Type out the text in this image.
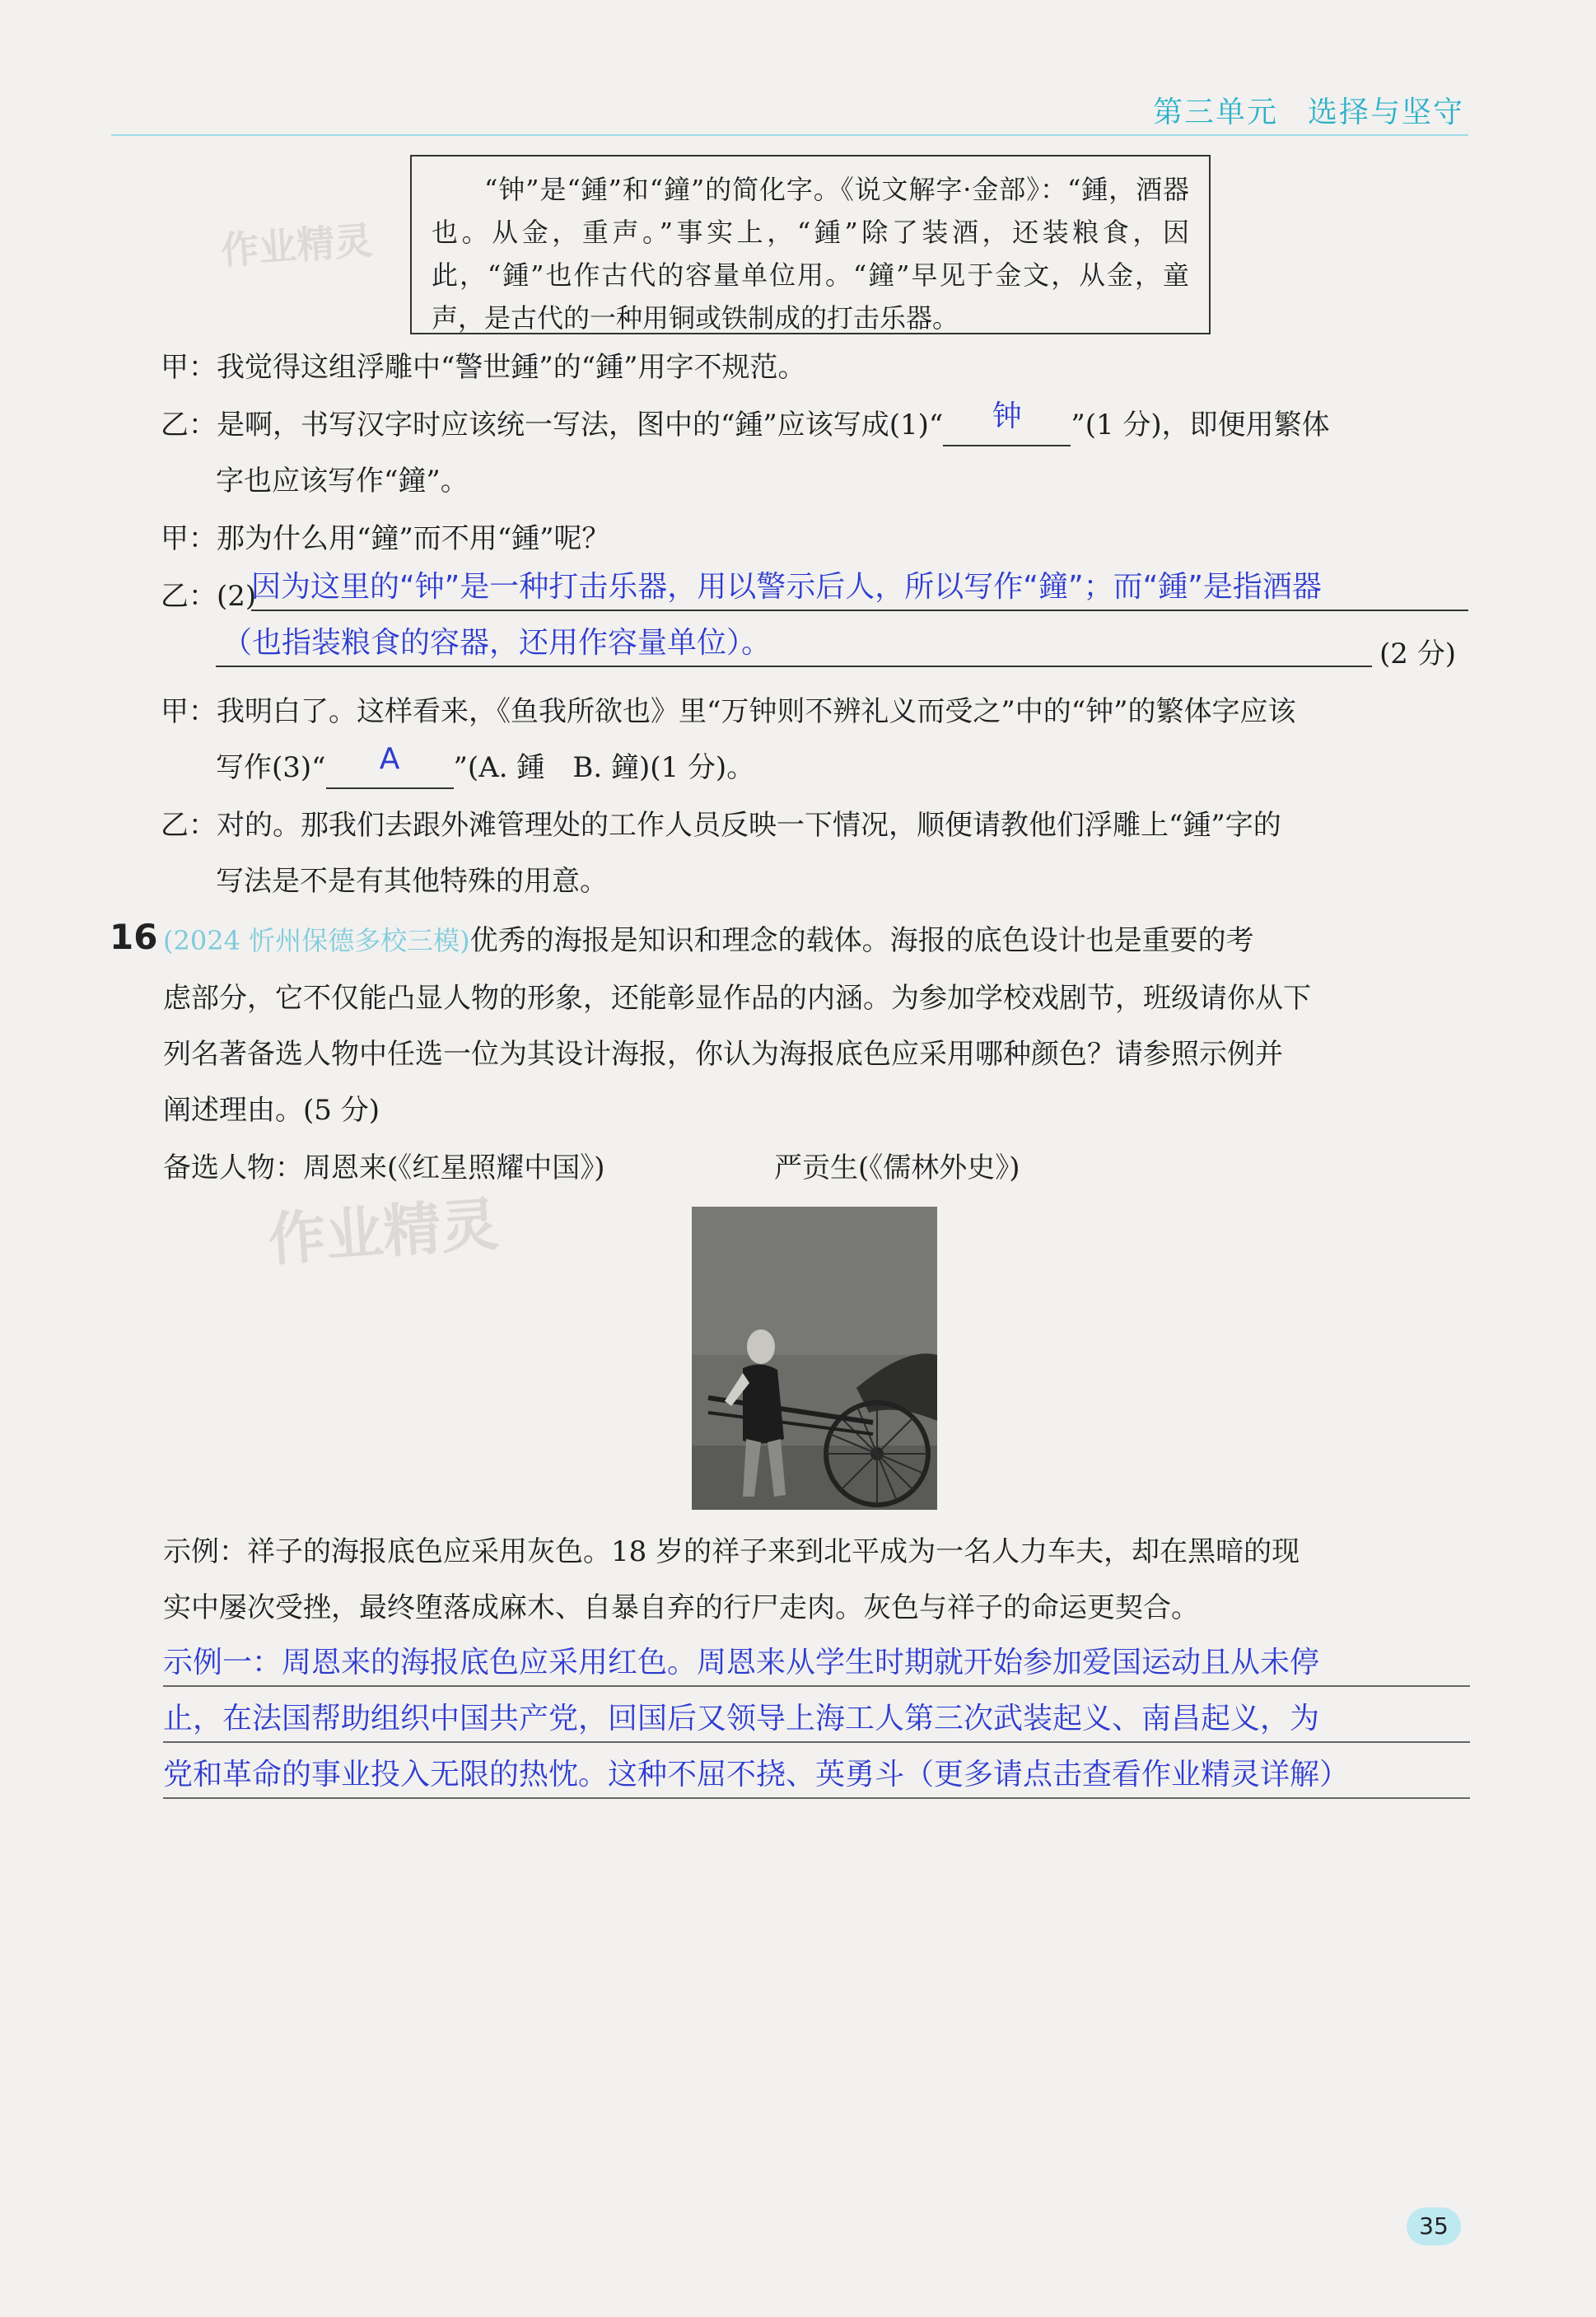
第三单元 选择与坚守
作业精灵
作业精灵

“钟”是“鍾”和“鐘”的简化字。《说文解字·金部》：“鍾，酒器也。从金，重声。”事实上，“鍾”除了装酒，还装粮食，因此，“鍾”也作古代的容量单位用。“鐘”早见于金文，从金，童声，是古代的一种用铜或铁制成的打击乐器。

甲：我觉得这组浮雕中“警世鍾”的“鍾”用字不规范。
乙：是啊，书写汉字时应该统一写法，图中的“鍾”应该写成(1)“	钟	”(1 分)，即便用繁体
字也应该写作“鐘”。
甲：那为什么用“鐘”而不用“鍾”呢？
乙：(2)
因为这里的“钟”是一种打击乐器，用以警示后人，所以写作“鐘”；而“鍾”是指酒器
（也指装粮食的容器，还用作容量单位）。	(2 分)
甲：我明白了。这样看来，《鱼我所欲也》里“万钟则不辨礼义而受之”中的“钟”的繁体字应该
写作(3)“	A	”(A. 鍾　B. 鐘)(1 分)。
乙：对的。那我们去跟外滩管理处的工作人员反映一下情况，顺便请教他们浮雕上“鍾”字的
写法是不是有其他特殊的用意。
16 (2024 忻州保德多校三模)优秀的海报是知识和理念的载体。海报的底色设计也是重要的考
虑部分，它不仅能凸显人物的形象，还能彰显作品的内涵。为参加学校戏剧节，班级请你从下
列名著备选人物中任选一位为其设计海报，你认为海报底色应采用哪种颜色？请参照示例并
阐述理由。(5 分)
备选人物：周恩来(《红星照耀中国》)	严贡生(《儒林外史》)
示例：祥子的海报底色应采用灰色。18 岁的祥子来到北平成为一名人力车夫，却在黑暗的现
实中屡次受挫，最终堕落成麻木、自暴自弃的行尸走肉。灰色与祥子的命运更契合。
示例一：周恩来的海报底色应采用红色。周恩来从学生时期就开始参加爱国运动且从未停
止，在法国帮助组织中国共产党，回国后又领导上海工人第三次武装起义、南昌起义，为
党和革命的事业投入无限的热忱。这种不屈不挠、英勇斗（更多请点击查看作业精灵详解）
35
